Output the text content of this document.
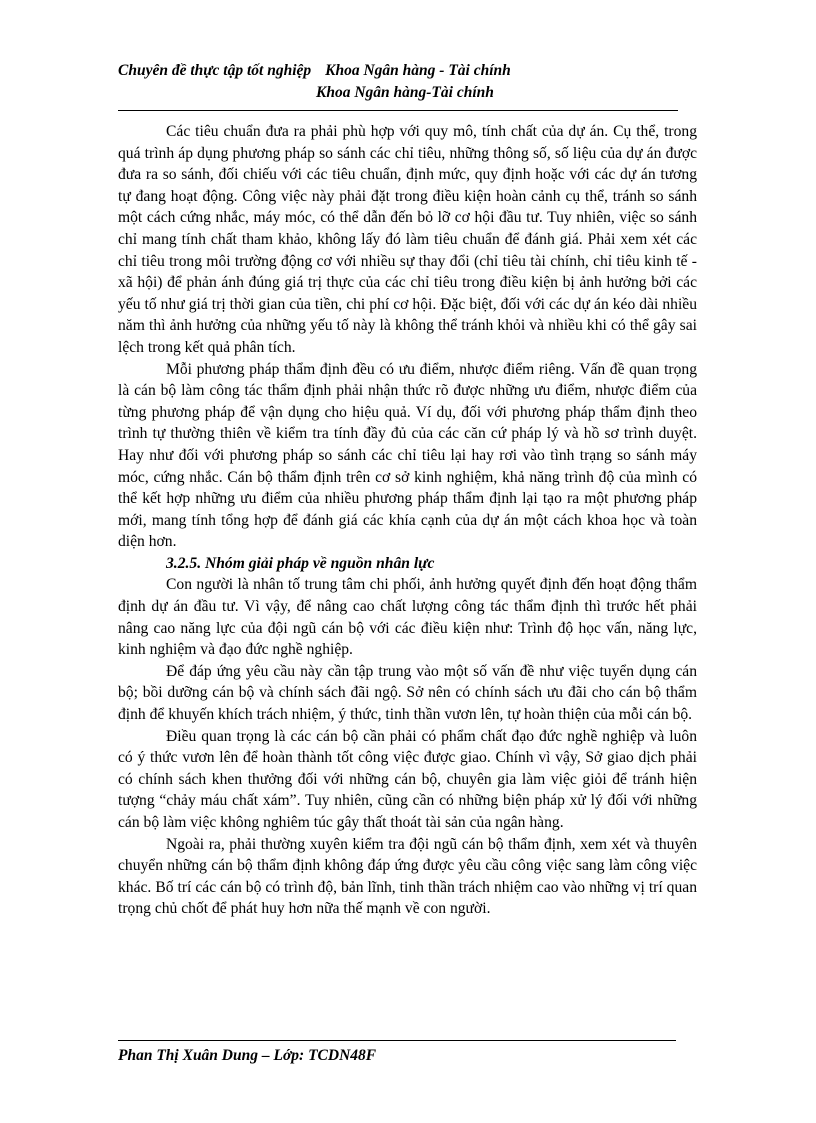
Chuyên đề thực tập tốt nghiệp Khoa Ngân hàng - Tài chính
Khoa Ngân hàng-Tài chính

Các tiêu chuẩn đưa ra phải phù hợp với quy mô, tính chất của dự án. Cụ thể, trong quá trình áp dụng phương pháp so sánh các chỉ tiêu, những thông số, số liệu của dự án được đưa ra so sánh, đối chiếu với các tiêu chuẩn, định mức, quy định hoặc với các dự án tương tự đang hoạt động. Công việc này phải đặt trong điều kiện hoàn cảnh cụ thể, tránh so sánh một cách cứng nhắc, máy móc, có thể dẫn đến bỏ lỡ cơ hội đầu tư. Tuy nhiên, việc so sánh chỉ mang tính chất tham khảo, không lấy đó làm tiêu chuẩn để đánh giá. Phải xem xét các chỉ tiêu trong môi trường động cơ với nhiều sự thay đổi (chỉ tiêu tài chính, chỉ tiêu kinh tế - xã hội) để phản ánh đúng giá trị thực của các chỉ tiêu trong điều kiện bị ảnh hưởng bởi các yếu tố như giá trị thời gian của tiền, chi phí cơ hội. Đặc biệt, đối với các dự án kéo dài nhiều năm thì ảnh hưởng của những yếu tố này là không thể tránh khỏi và nhiều khi có thể gây sai lệch trong kết quả phân tích.

Mỗi phương pháp thẩm định đều có ưu điểm, nhược điểm riêng. Vấn đề quan trọng là cán bộ làm công tác thẩm định phải nhận thức rõ được những ưu điểm, nhược điểm của từng phương pháp để vận dụng cho hiệu quả. Ví dụ, đối với phương pháp thẩm định theo trình tự thường thiên về kiểm tra tính đầy đủ của các căn cứ pháp lý và hồ sơ trình duyệt. Hay như đối với phương pháp so sánh các chỉ tiêu lại hay rơi vào tình trạng so sánh máy móc, cứng nhắc. Cán bộ thẩm định trên cơ sở kinh nghiệm, khả năng trình độ của mình có thể kết hợp những ưu điểm của nhiều phương pháp thẩm định lại tạo ra một phương pháp mới, mang tính tổng hợp để đánh giá các khía cạnh của dự án một cách khoa học và toàn diện hơn.

3.2.5. Nhóm giải pháp về nguồn nhân lực

Con người là nhân tố trung tâm chi phối, ảnh hưởng quyết định đến hoạt động thẩm định dự án đầu tư. Vì vậy, để nâng cao chất lượng công tác thẩm định thì trước hết phải nâng cao năng lực của đội ngũ cán bộ với các điều kiện như: Trình độ học vấn, năng lực, kinh nghiệm và đạo đức nghề nghiệp.

Để đáp ứng yêu cầu này cần tập trung vào một số vấn đề như việc tuyển dụng cán bộ; bồi dưỡng cán bộ và chính sách đãi ngộ. Sở nên có chính sách ưu đãi cho cán bộ thẩm định để khuyến khích trách nhiệm, ý thức, tinh thần vươn lên, tự hoàn thiện của mỗi cán bộ.

Điều quan trọng là các cán bộ cần phải có phẩm chất đạo đức nghề nghiệp và luôn có ý thức vươn lên để hoàn thành tốt công việc được giao. Chính vì vậy, Sở giao dịch phải có chính sách khen thưởng đối với những cán bộ, chuyên gia làm việc giỏi để tránh hiện tượng “chảy máu chất xám”. Tuy nhiên, cũng cần có những biện pháp xử lý đối với những cán bộ làm việc không nghiêm túc gây thất thoát tài sản của ngân hàng.

Ngoài ra, phải thường xuyên kiểm tra đội ngũ cán bộ thẩm định, xem xét và thuyên chuyển những cán bộ thẩm định không đáp ứng được yêu cầu công việc sang làm công việc khác. Bố trí các cán bộ có trình độ, bản lĩnh, tinh thần trách nhiệm cao vào những vị trí quan trọng chủ chốt để phát huy hơn nữa thế mạnh về con người.

Phan Thị Xuân Dung – Lớp: TCDN48F
